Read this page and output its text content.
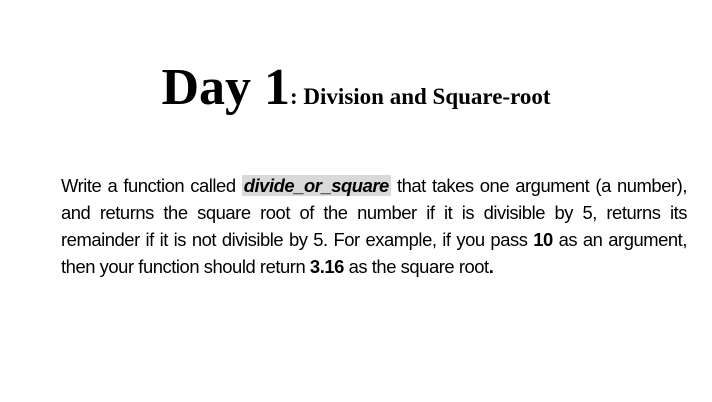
Day 1: Division and Square-root
Write a function called divide_or_square that takes one argument (a number), and returns the square root of the number if it is divisible by 5, returns its remainder if it is not divisible by 5. For example, if you pass 10 as an argument, then your function should return 3.16 as the square root.
